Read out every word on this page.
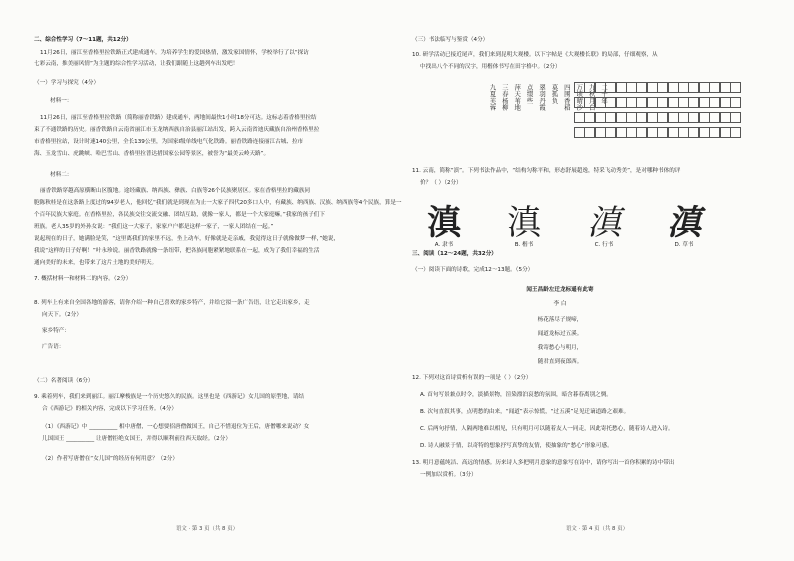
二、综合性学习（7～11题，共12分）
11月26日，丽江至香格里拉铁路正式建成通车。为培养学生的爱国热情，激发家国情怀，学校举行了以“探访
七彩云南，推美丽风情”为主题的综合性学习活动，让我们跟随上这趟列车出发吧！
（一）学习与探究（4分）
材料一：
11月26日，丽江至香格里拉铁路（简称丽香铁路）建成通车，两地间最快1小时18分可达。这标志着香格里拉结
束了不通铁路的历史。丽香铁路自云南省丽江市玉龙纳西族自治县丽江站出发，跨入云南省迪庆藏族自治州香格里拉
市香格里拉站，设计时速140公里，全长139公里，为国家Ⅰ级单线电气化铁路。丽香铁路连接丽江古城、拉市
海、玉龙雪山、虎跳峡、哈巴雪山、香格里拉普达措国家公园等景区，被誉为“最美云岭天路”。
材料二：
丽香铁路穿越高原横断山区腹地。途经藏族、纳西族、彝族、白族等26个民族聚居区。家在香格里拉的藏族同
胞陈秋桂是在这条路上度过的94岁老人，他回忆“我们就是到现在为止一大家子四代20多口人中，有藏族、纳西族、汉族、纳西族等4个民族，算是一
个百年民族大家庭。在香格里拉，各民族交往交流交融、团结互助，就像一家人，都是一个大家庭嘛。”我家的孩子们下
班族。老人35岁的外孙女说：“我们这一大家子，家家户户都是这样一家子，一家人团结在一起。”
说起现在的日子，她满脸是笑，“这里离我们的家里不远，坐上动车，好像就是走亲戚，我觉得这日子就像做梦一样，”她说，
我说“这样的日子好啊！”叶永珍说。丽香铁路就像一条纽带，把各族同胞紧紧地联系在一起，成为了我们幸福的生活
通向美好的未来，也带来了这片土地的美好明天。
7. 概括材料一和材料二的内容。（2分）
8. 列车上有来自全国各地的游客，请你介绍一种自己喜欢的家乡特产，并给它拟一条广告语，让它走出家乡，走
向天下。（2分）
家乡特产：
广告语：
（二）名著阅读（6分）
9. 乘着列车，我们来到丽江。丽江摩梭族是一个历史悠久的民族。这里也是《西游记》女儿国的原型地，请结
合《西游记》的相关内容，完成以下学习任务。（4分）
（1）《西游记》中 __________ 相中唐僧，一心想要招唐僧做国王，自己不惜退位为王后，唐僧哪来说动？女
儿国国王 __________ 让唐僧拒绝女国王，并得以顺利前往西天取经。（2分）
（2）作者写唐僧在“女儿国”的经历有何用意？（2分）
（三）书法临写与鉴赏（4分）
10. 研学活动已接近尾声，我们来到昆明大观楼。以下字帖是《大观楼长联》的局部，仔细观察，从
中找出八个不同的汉字，用楷体书写在田字格中。（2分）
11. 云南，简称“滇”。下列书法作品中，“结构匀称平和，形态舒展超逸，特采飞动秀美”，是对哪种书体的评
价？（ ）（2分）
三、阅读（12～24题，共32分）
（一）阅读下面的诗歌，完成12～13题。（5分）
闻王昌龄左迁龙标遥有此寄
李 白
杨花落尽子规啼，
闻道龙标过五溪。
我寄愁心与明月，
随君直到夜郎西。
12. 下列对这首诗赏析有误的一项是（ ）（2分）
A. 首句写景兼点时令，淡描景物，渲染漂泊哀愁的氛围，暗含暮春离别之惆。
B. 次句直叙其事，点明愁的由来，“闻道”表示惊慌，“过五溪”足见迁谪道路之艰难。
C. 后两句抒情，人隔两地难以相见，只有明月可以随着友人一同走，因此寄托愁心，随着诗人进入诗。
D. 诗人融景于情，以奇特的想象抒写真挚的友情，使抽象的“愁心”形象可感。
13. 明月意蕴纯洁、高远的情感。历来诗人多把明月意象的意象写在诗中，请你写出一首你积累的诗中带出
一例加以赏析。（3分）
九夏芙蓉 三春杨柳 萍天苇地 点缀些 翠羽丹霞 莫孤负 四围香稻 万顷晴沙 九秋月白 二十年
滇
A. 隶书
滇
B. 楷书
滇
C. 行书
滇
D. 草书
语文 · 第 3 页（共 8 页）	语文 · 第 4 页（共 8 页）
